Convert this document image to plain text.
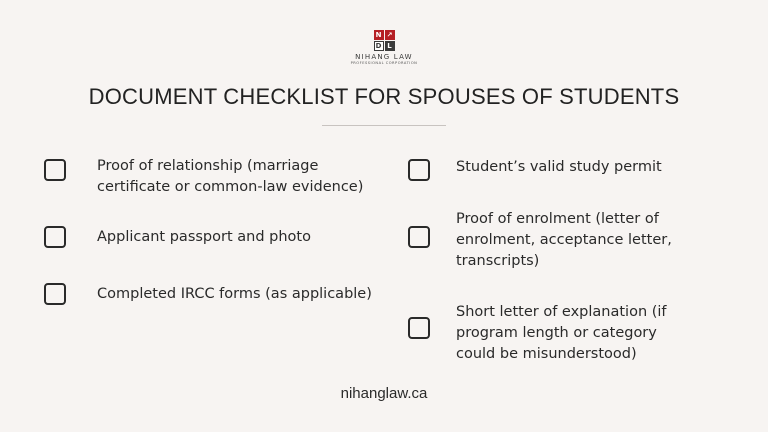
N ↗
D L
NIHANG LAW
PROFESSIONAL CORPORATION
DOCUMENT CHECKLIST FOR SPOUSES OF STUDENTS
Proof of relationship (marriage certificate or common-law evidence)
Applicant passport and photo
Completed IRCC forms (as applicable)
Student’s valid study permit
Proof of enrolment (letter of enrolment, acceptance letter, transcripts)
Short letter of explanation (if program length or category could be misunderstood)
nihanglaw.ca
